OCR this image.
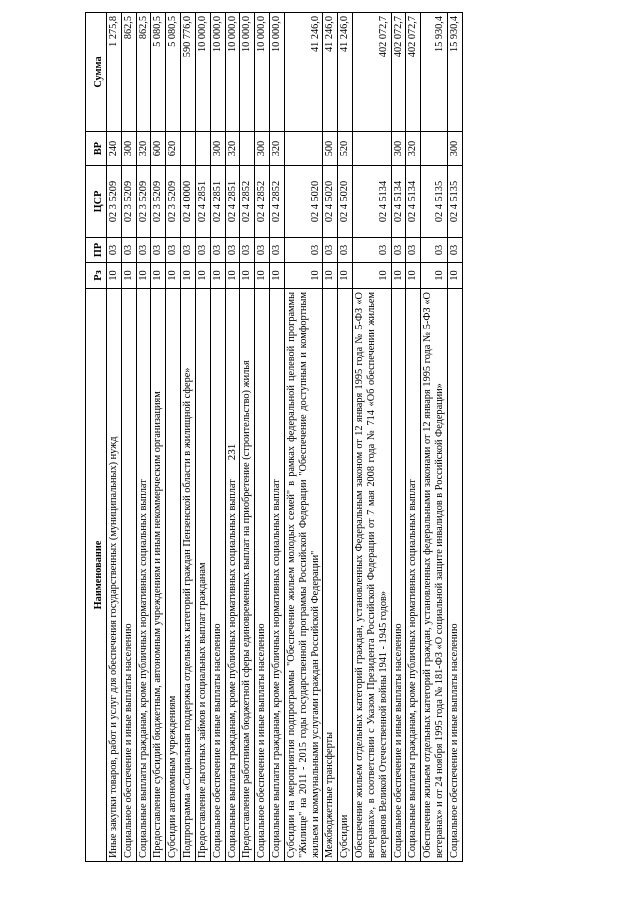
231
Наименование	Рз	ПР	ЦСР	ВР	Сумма
Иные закупки товаров, работ и услуг для обеспечения государственных (муниципальных) нужд	10	03	02 3 5209	240	1 275,8
Социальное обеспечение и иные выплаты населению	10	03	02 3 5209	300	862,5
Социальные выплаты гражданам, кроме публичных нормативных социальных выплат	10	03	02 3 5209	320	862,5
Предоставление субсидий бюджетным, автономным учреждениям и иным некоммерческим организациям	10	03	02 3 5209	600	5 080,5
Субсидии автономным учреждениям	10	03	02 3 5209	620	5 080,5
Подпрограмма «Социальная поддержка отдельных категорий граждан Пензенской области в жилищной сфере»	10	03	02 4 0000		590 776,0
Предоставление льготных займов и социальных выплат гражданам	10	03	02 4 2851		10 000,0
Социальное обеспечение и иные выплаты населению	10	03	02 4 2851	300	10 000,0
Социальные выплаты гражданам, кроме публичных нормативных социальных выплат	10	03	02 4 2851	320	10 000,0
Предоставление работникам бюджетной сферы единовременных выплат на приобретение (строительство) жилья	10	03	02 4 2852		10 000,0
Социальное обеспечение и иные выплаты населению	10	03	02 4 2852	300	10 000,0
Социальные выплаты гражданам, кроме публичных нормативных социальных выплат	10	03	02 4 2852	320	10 000,0
Субсидии на мероприятия подпрограммы "Обеспечение жильем молодых семей" в рамках федеральной целевой программы "Жилище" на 2011 - 2015 годы государственной программы Российской Федерации "Обеспечение доступным и комфортным жильем и коммунальными услугами граждан Российской Федерации"	10	03	02 4 5020		41 246,0
Межбюджетные трансферты	10	03	02 4 5020	500	41 246,0
Субсидии	10	03	02 4 5020	520	41 246,0
Обеспечение жильем отдельных категорий граждан, установленных Федеральным законом от 12 января 1995 года № 5-ФЗ «О ветеранах», в соответствии с Указом Президента Российской Федерации от 7 мая 2008 года № 714 «Об обеспечении жильем ветеранов Великой Отечественной войны 1941 - 1945 годов»	10	03	02 4 5134		402 072,7
Социальное обеспечение и иные выплаты населению	10	03	02 4 5134	300	402 072,7
Социальные выплаты гражданам, кроме публичных нормативных социальных выплат	10	03	02 4 5134	320	402 072,7
Обеспечение жильем отдельных категорий граждан, установленных федеральными законами от 12 января 1995 года № 5-ФЗ «О ветеранах» и от 24 ноября 1995 года № 181-ФЗ «О социальной защите инвалидов в Российской Федерации»	10	03	02 4 5135		15 930,4
Социальное обеспечение и иные выплаты населению	10	03	02 4 5135	300	15 930,4
